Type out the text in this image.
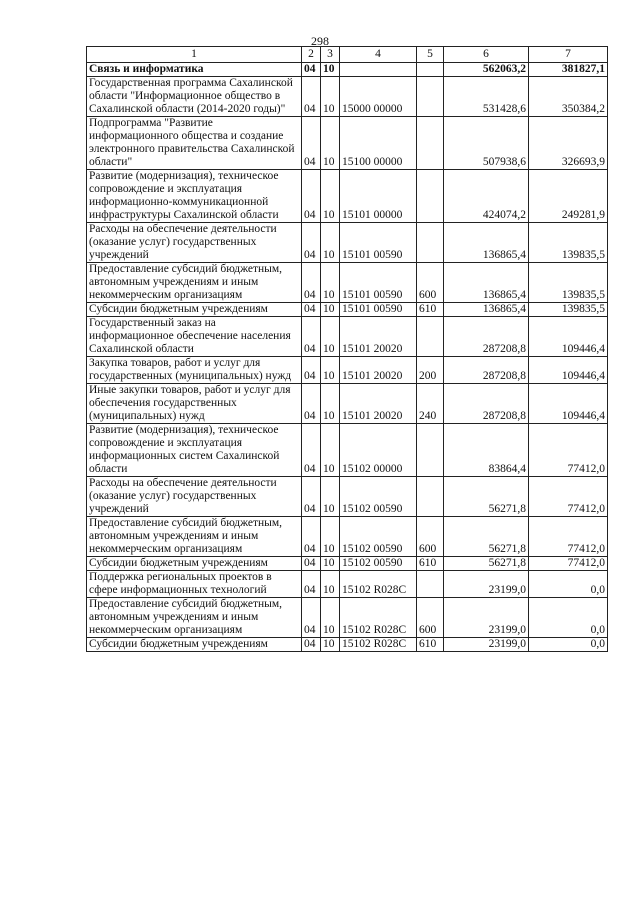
298
1	2	3	4	5	6	7
Связь и информатика	04	10			562063,2	381827,1
Государственная программа Сахалинской области "Информационное общество в Сахалинской области (2014-2020 годы)"	04	10	15000 00000		531428,6	350384,2
Подпрограмма "Развитие информационного общества и создание электронного правительства Сахалинской области"	04	10	15100 00000		507938,6	326693,9
Развитие (модернизация), техническое сопровождение и эксплуатация информационно-коммуникационной инфраструктуры Сахалинской области	04	10	15101 00000		424074,2	249281,9
Расходы на обеспечение деятельности (оказание услуг) государственных учреждений	04	10	15101 00590		136865,4	139835,5
Предоставление субсидий бюджетным, автономным учреждениям и иным некоммерческим организациям	04	10	15101 00590	600	136865,4	139835,5
Субсидии бюджетным учреждениям	04	10	15101 00590	610	136865,4	139835,5
Государственный заказ на информационное обеспечение населения Сахалинской области	04	10	15101 20020		287208,8	109446,4
Закупка товаров, работ и услуг для государственных (муниципальных) нужд	04	10	15101 20020	200	287208,8	109446,4
Иные закупки товаров, работ и услуг для обеспечения государственных (муниципальных) нужд	04	10	15101 20020	240	287208,8	109446,4
Развитие (модернизация), техническое сопровождение и эксплуатация информационных систем Сахалинской области	04	10	15102 00000		83864,4	77412,0
Расходы на обеспечение деятельности (оказание услуг) государственных учреждений	04	10	15102 00590		56271,8	77412,0
Предоставление субсидий бюджетным, автономным учреждениям и иным некоммерческим организациям	04	10	15102 00590	600	56271,8	77412,0
Субсидии бюджетным учреждениям	04	10	15102 00590	610	56271,8	77412,0
Поддержка региональных проектов в сфере информационных технологий	04	10	15102 R028C		23199,0	0,0
Предоставление субсидий бюджетным, автономным учреждениям и иным некоммерческим организациям	04	10	15102 R028C	600	23199,0	0,0
Субсидии бюджетным учреждениям	04	10	15102 R028C	610	23199,0	0,0
